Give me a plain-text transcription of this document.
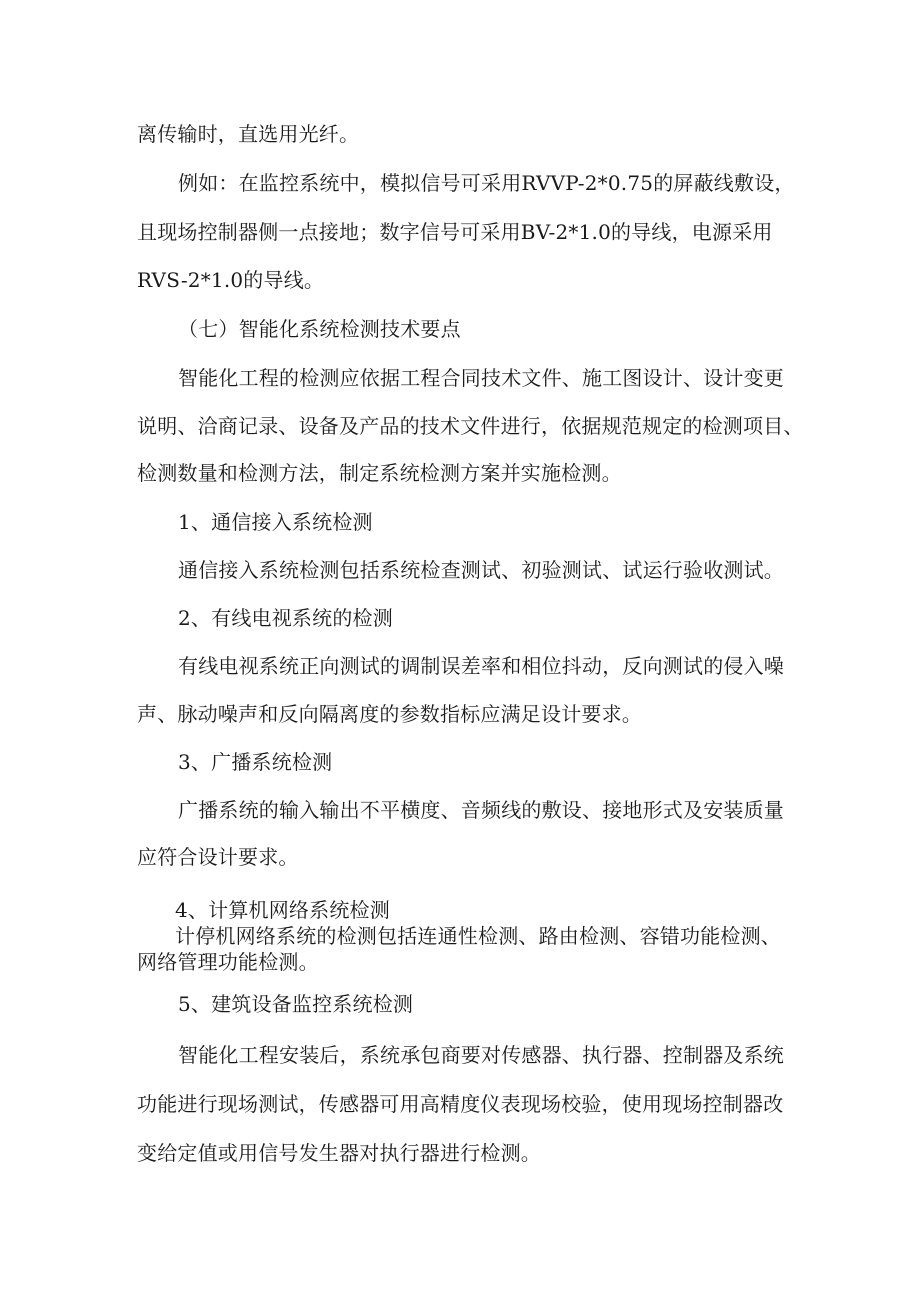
离传输时，直选用光纤。

例如：在监控系统中，模拟信号可采用RVVP-2*0.75的屏蔽线敷设，

且现场控制器侧一点接地；数字信号可采用BV-2*1.0的导线，电源采用

RVS-2*1.0的导线。

（七）智能化系统检测技术要点

智能化工程的检测应依据工程合同技术文件、施工图设计、设计变更

说明、洽商记录、设备及产品的技术文件进行，依据规范规定的检测项目、

检测数量和检测方法，制定系统检测方案并实施检测。

1、通信接入系统检测

通信接入系统检测包括系统检查测试、初验测试、试运行验收测试。

2、有线电视系统的检测

有线电视系统正向测试的调制误差率和相位抖动，反向测试的侵入噪

声、脉动噪声和反向隔离度的参数指标应满足设计要求。

3、广播系统检测

广播系统的输入输出不平横度、音频线的敷设、接地形式及安装质量

应符合设计要求。

4、计算机网络系统检测

计停机网络系统的检测包括连通性检测、路由检测、容错功能检测、

网络管理功能检测。

5、建筑设备监控系统检测

智能化工程安装后，系统承包商要对传感器、执行器、控制器及系统

功能进行现场测试，传感器可用高精度仪表现场校验，使用现场控制器改

变给定值或用信号发生器对执行器进行检测。
